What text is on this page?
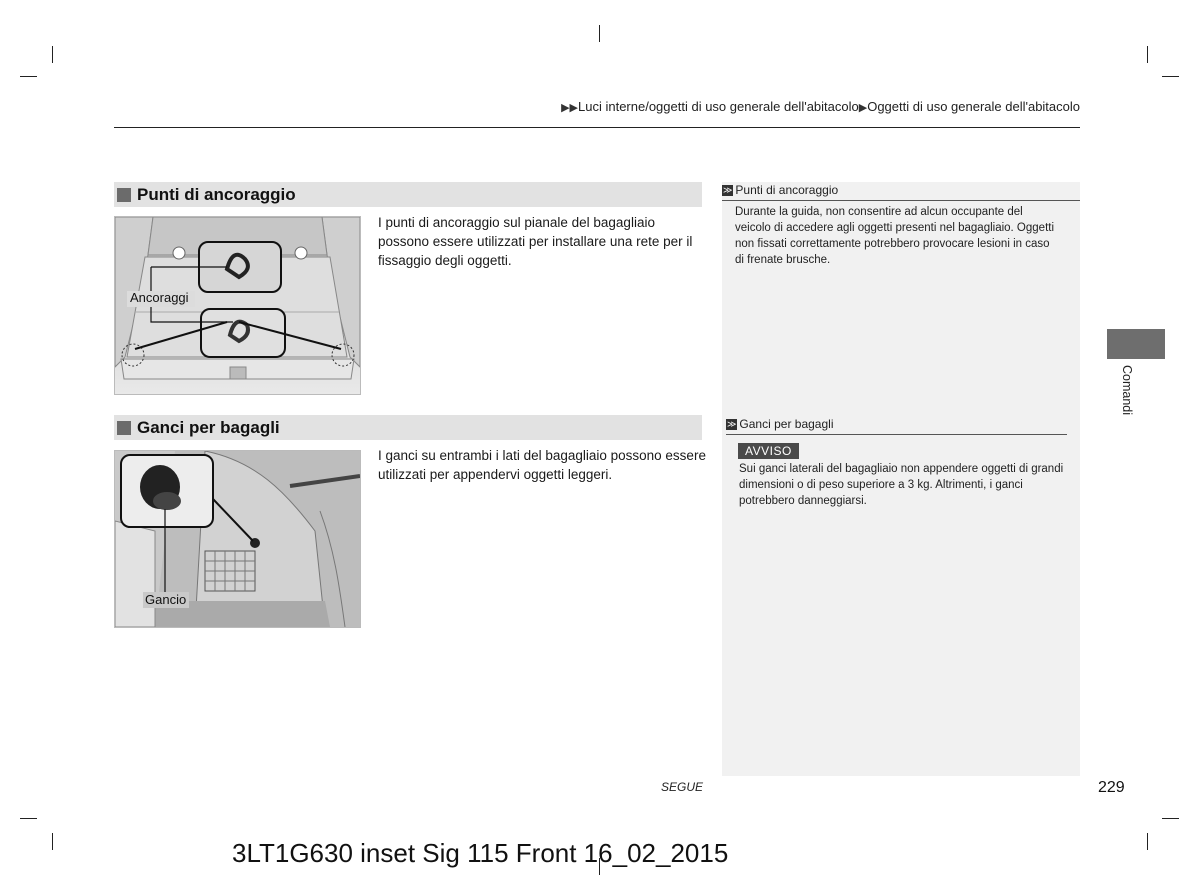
▶▶Luci interne/oggetti di uso generale dell'abitacolo▶Oggetti di uso generale dell'abitacolo
Punti di ancoraggio
Ancoraggi
I punti di ancoraggio sul pianale del bagagliaio possono essere utilizzati per installare una rete per il fissaggio degli oggetti.
Ganci per bagagli
Gancio
I ganci su entrambi i lati del bagagliaio possono essere utilizzati per appendervi oggetti leggeri.
≫ Punti di ancoraggio
Durante la guida, non consentire ad alcun occupante del veicolo di accedere agli oggetti presenti nel bagagliaio. Oggetti non fissati correttamente potrebbero provocare lesioni in caso di frenate brusche.
≫ Ganci per bagagli
AVVISO
Sui ganci laterali del bagagliaio non appendere oggetti di grandi dimensioni o di peso superiore a 3 kg. Altrimenti, i ganci potrebbero danneggiarsi.
Comandi
SEGUE	229
3LT1G630 inset Sig 115 Front 16_02_2015
